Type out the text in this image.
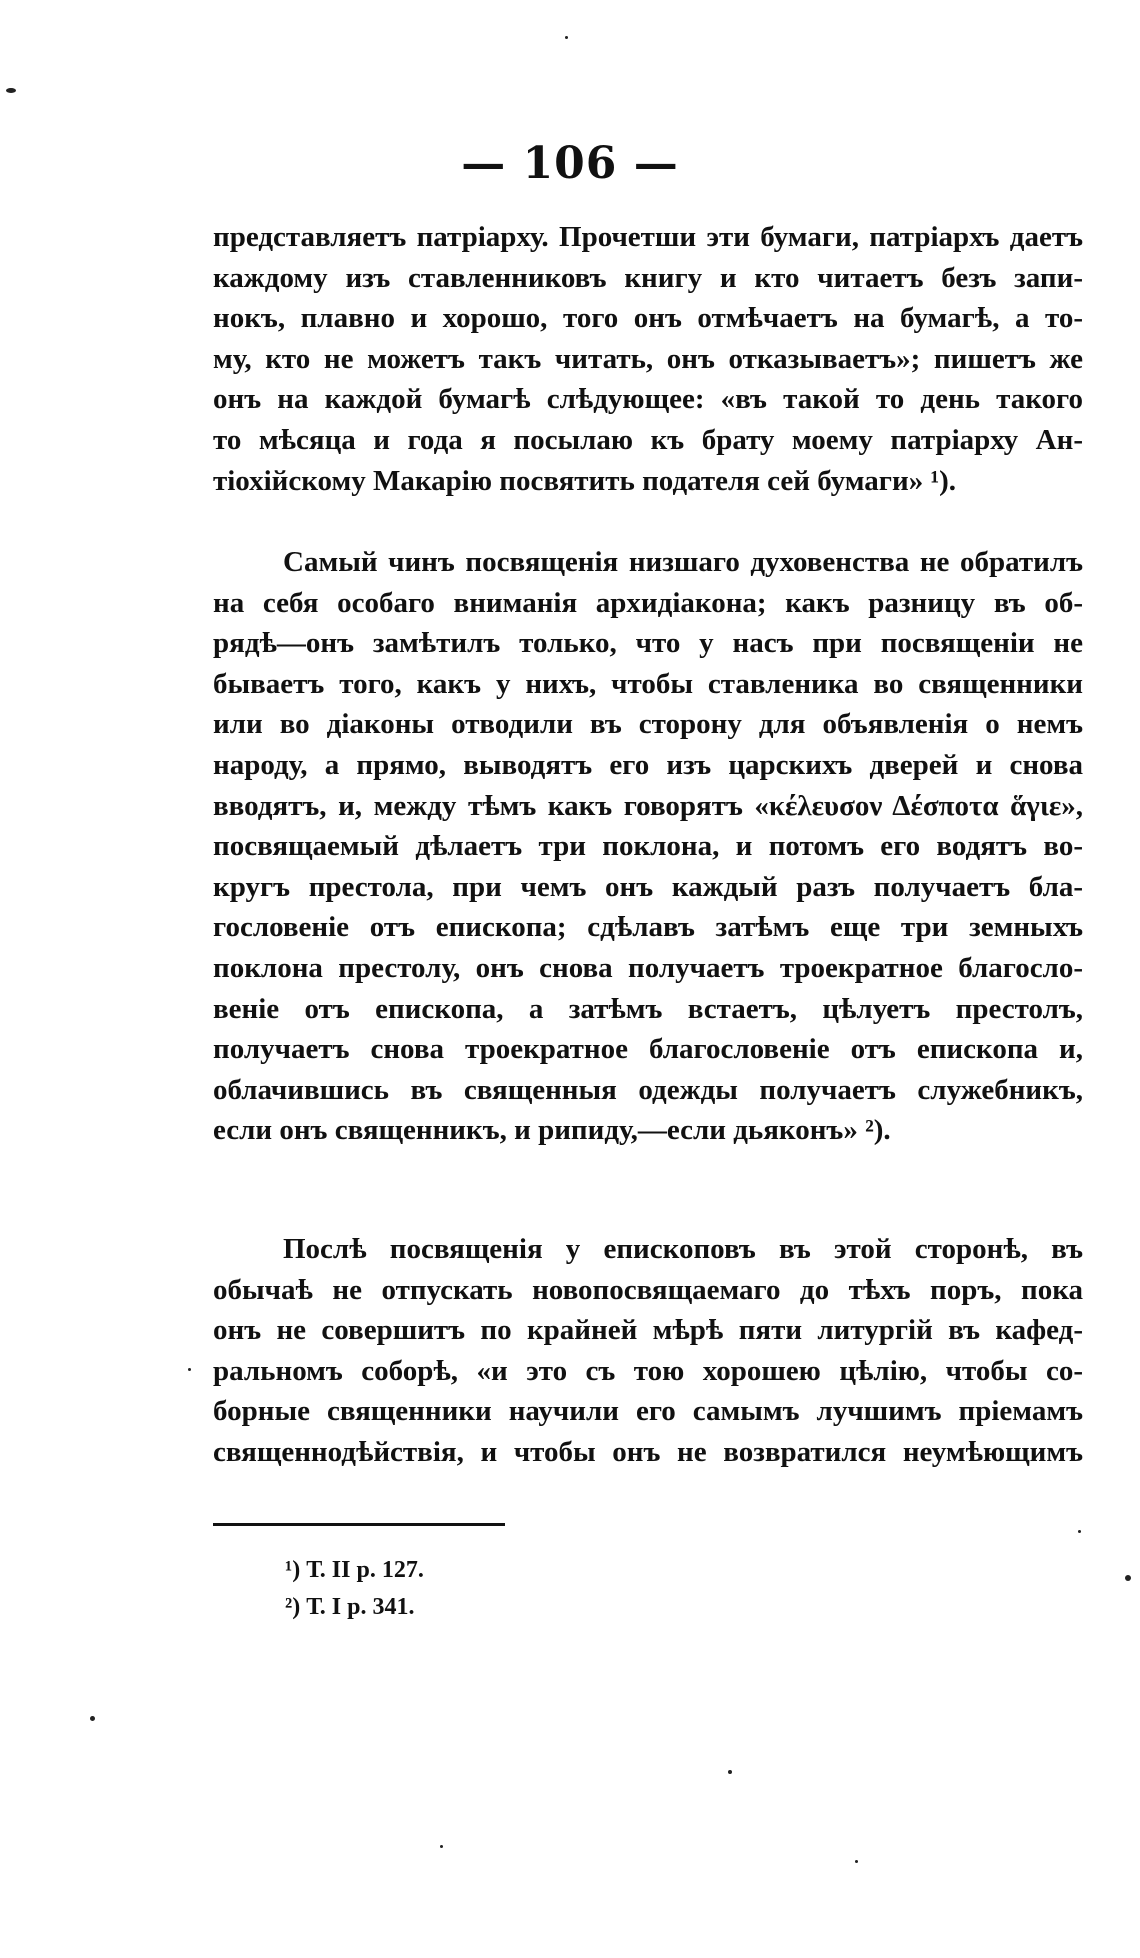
— 106 —
представляетъ патріарху. Прочетши эти бумаги, патріархъ даетъ
каждому изъ ставленниковъ книгу и кто читаетъ безъ запи-
нокъ, плавно и хорошо, того онъ отмѣчаетъ на бумагѣ, а то-
му, кто не можетъ такъ читать, онъ отказываетъ»; пишетъ же
онъ на каждой бумагѣ слѣдующее: «въ такой то день такого
то мѣсяца и года я посылаю къ брату моему патріарху Ан-
тіохійскому Макарію посвятить подателя сей бумаги» ¹).
Самый чинъ посвященія низшаго духовенства не обратилъ
на себя особаго вниманія архидіакона; какъ разницу въ об-
рядѣ—онъ замѣтилъ только, что у насъ при посвященіи не
бываетъ того, какъ у нихъ, чтобы ставленика во священники
или во діаконы отводили въ сторону для объявленія о немъ
народу, а прямо, выводятъ его изъ царскихъ дверей и снова
вводятъ, и, между тѣмъ какъ говорятъ «κέλευσον Δέσποτα ἅγιε»,
посвящаемый дѣлаетъ три поклона, и потомъ его водятъ во-
кругъ престола, при чемъ онъ каждый разъ получаетъ бла-
гословеніе отъ епископа; сдѣлавъ затѣмъ еще три земныхъ
поклона престолу, онъ снова получаетъ троекратное благосло-
веніе отъ епископа, а затѣмъ встаетъ, цѣлуетъ престолъ,
получаетъ снова троекратное благословеніе отъ епископа и,
облачившись въ священныя одежды получаетъ служебникъ,
если онъ священникъ, и рипиду,—если дьяконъ» ²).
Послѣ посвященія у епископовъ въ этой сторонѣ, въ
обычаѣ не отпускать новопосвящаемаго до тѣхъ поръ, пока
онъ не совершитъ по крайней мѣрѣ пяти литургій въ кафед-
ральномъ соборѣ, «и это съ тою хорошею цѣлію, чтобы со-
борные священники научили его самымъ лучшимъ пріемамъ
священнодѣйствія, и чтобы онъ не возвратился неумѣющимъ
¹) Т. II р. 127.
²) Т. I р. 341.
